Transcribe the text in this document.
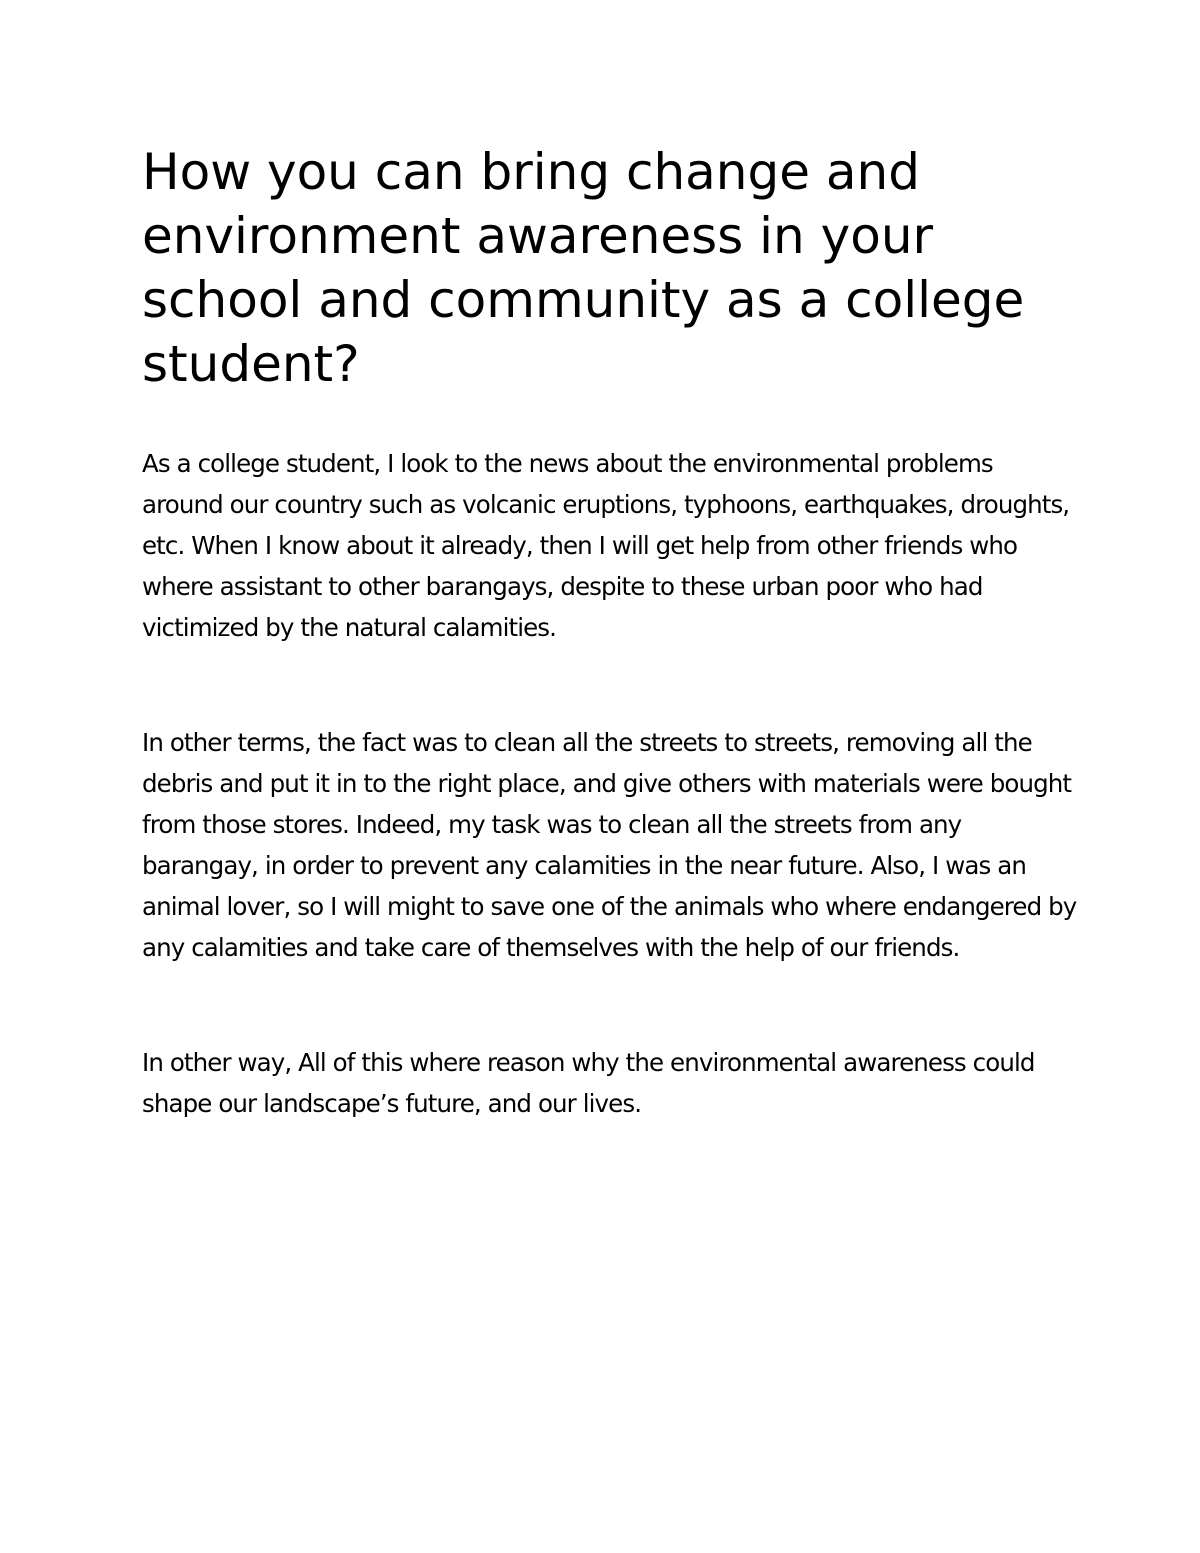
How you can bring change and environment awareness in your school and community as a college student?

As a college student, I look to the news about the environmental problems around our country such as volcanic eruptions, typhoons, earthquakes, droughts, etc. When I know about it already, then I will get help from other friends who where assistant to other barangays, despite to these urban poor who had victimized by the natural calamities.

In other terms, the fact was to clean all the streets to streets, removing all the debris and put it in to the right place, and give others with materials were bought from those stores. Indeed, my task was to clean all the streets from any barangay, in order to prevent any calamities in the near future. Also, I was an animal lover, so I will might to save one of the animals who where endangered by any calamities and take care of themselves with the help of our friends.

In other way, All of this where reason why the environmental awareness could shape our landscape’s future, and our lives.
